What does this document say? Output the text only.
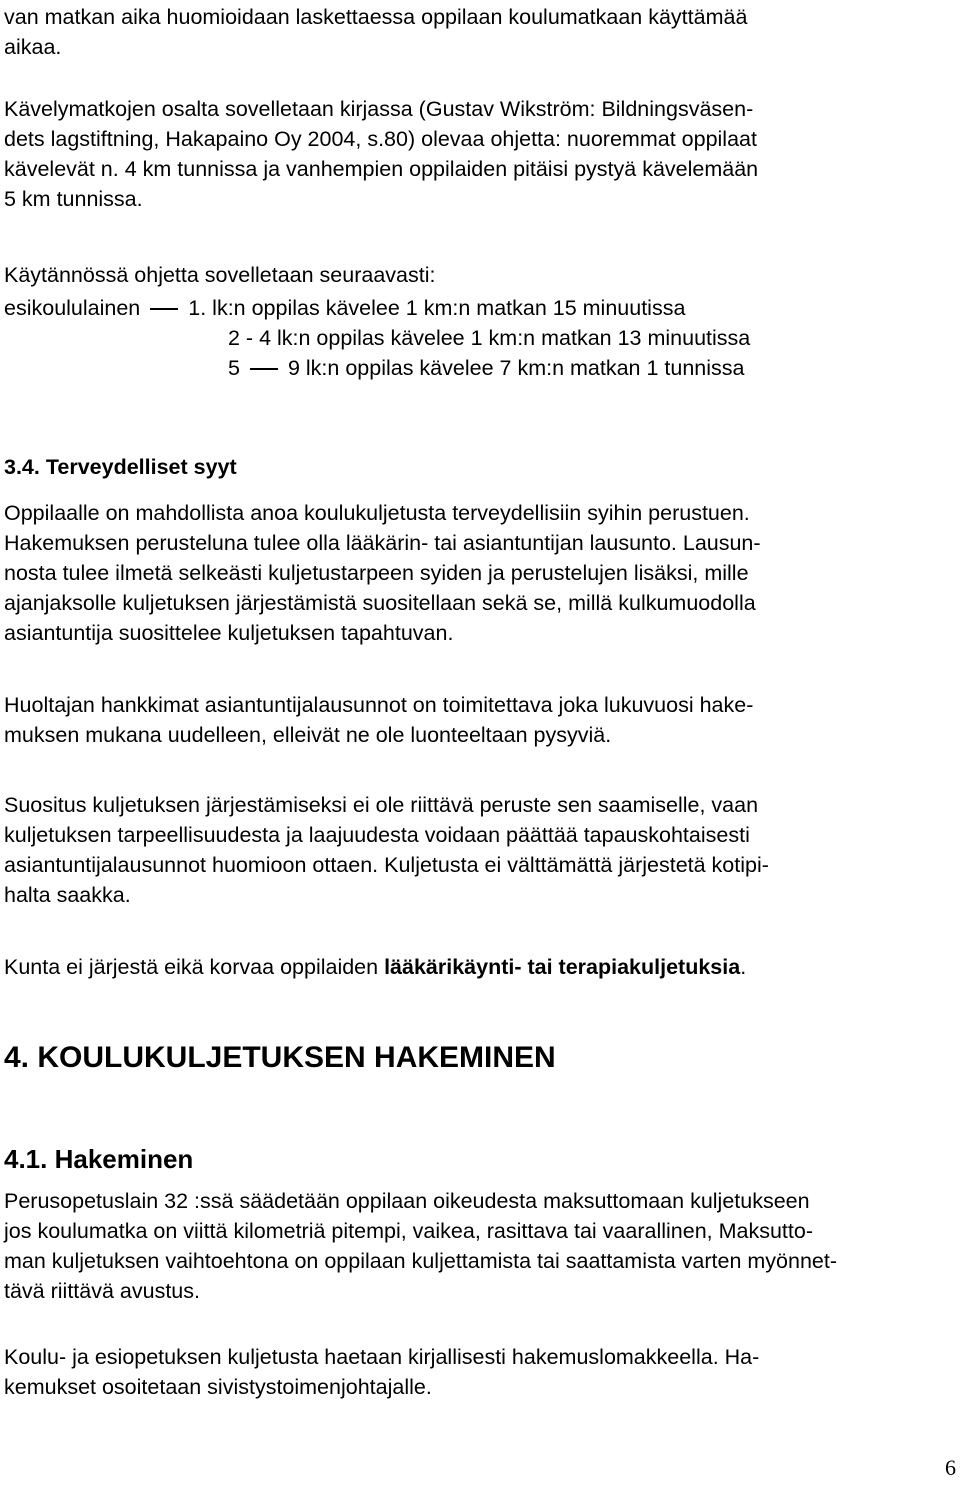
van matkan aika huomioidaan laskettaessa oppilaan koulumatkaan käyttämää

aikaa.

Kävelymatkojen osalta sovelletaan kirjassa (Gustav Wikström: Bildningsväsen-

dets lagstiftning, Hakapaino Oy 2004, s.80) olevaa ohjetta: nuoremmat oppilaat

kävelevät n. 4 km tunnissa ja vanhempien oppilaiden pitäisi pystyä kävelemään

5 km tunnissa.

Käytännössä ohjetta sovelletaan seuraavasti:

esikoululainen 1. lk:n oppilas kävelee 1 km:n matkan 15 minuutissa

2 - 4 lk:n oppilas kävelee 1 km:n matkan 13 minuutissa

5 9 lk:n oppilas kävelee 7 km:n matkan 1 tunnissa

3.4. Terveydelliset syyt

Oppilaalle on mahdollista anoa koulukuljetusta terveydellisiin syihin perustuen.

Hakemuksen perusteluna tulee olla lääkärin- tai asiantuntijan lausunto. Lausun-

nosta tulee ilmetä selkeästi kuljetustarpeen syiden ja perustelujen lisäksi, mille

ajanjaksolle kuljetuksen järjestämistä suositellaan sekä se, millä kulkumuodolla

asiantuntija suosittelee kuljetuksen tapahtuvan.

Huoltajan hankkimat asiantuntijalausunnot on toimitettava joka lukuvuosi hake-

muksen mukana uudelleen, elleivät ne ole luonteeltaan pysyviä.

Suositus kuljetuksen järjestämiseksi ei ole riittävä peruste sen saamiselle, vaan

kuljetuksen tarpeellisuudesta ja laajuudesta voidaan päättää tapauskohtaisesti

asiantuntijalausunnot huomioon ottaen. Kuljetusta ei välttämättä järjestetä kotipi-

halta saakka.

Kunta ei järjestä eikä korvaa oppilaiden lääkärikäynti- tai terapiakuljetuksia.

4. KOULUKULJETUKSEN HAKEMINEN

4.1. Hakeminen

Perusopetuslain 32 :ssä säädetään oppilaan oikeudesta maksuttomaan kuljetukseen

jos koulumatka on viittä kilometriä pitempi, vaikea, rasittava tai vaarallinen, Maksutto-

man kuljetuksen vaihtoehtona on oppilaan kuljettamista tai saattamista varten myönnet-

tävä riittävä avustus.

Koulu- ja esiopetuksen kuljetusta haetaan kirjallisesti hakemuslomakkeella. Ha-

kemukset osoitetaan sivistystoimenjohtajalle.

6
